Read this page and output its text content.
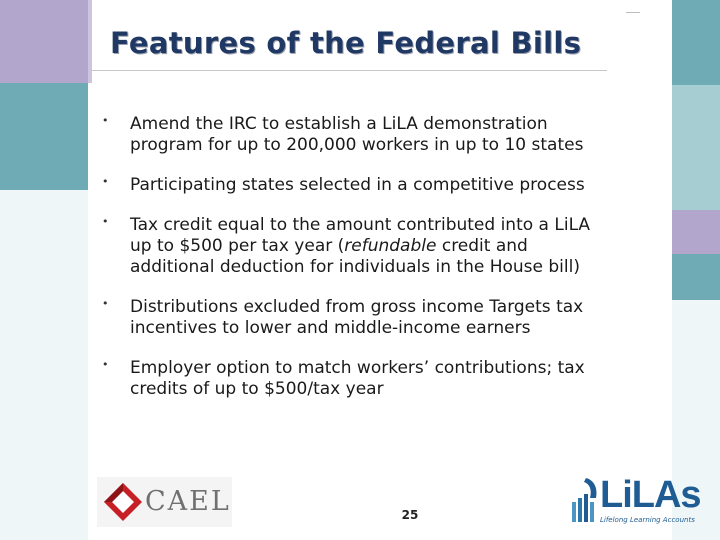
Features of the Federal Bills
• Amend the IRC to establish a LiLA demonstration
program for up to 200,000 workers in up to 10 states
• Participating states selected in a competitive process
• Tax credit equal to the amount contributed into a LiLA
up to $500 per tax year (refundable credit and
additional deduction for individuals in the House bill)
• Distributions excluded from gross income Targets tax
incentives to lower and middle-income earners
• Employer option to match workers’ contributions; tax
credits of up to $500/tax year
CAEL	25	LiLAs
Lifelong Learning Accounts
